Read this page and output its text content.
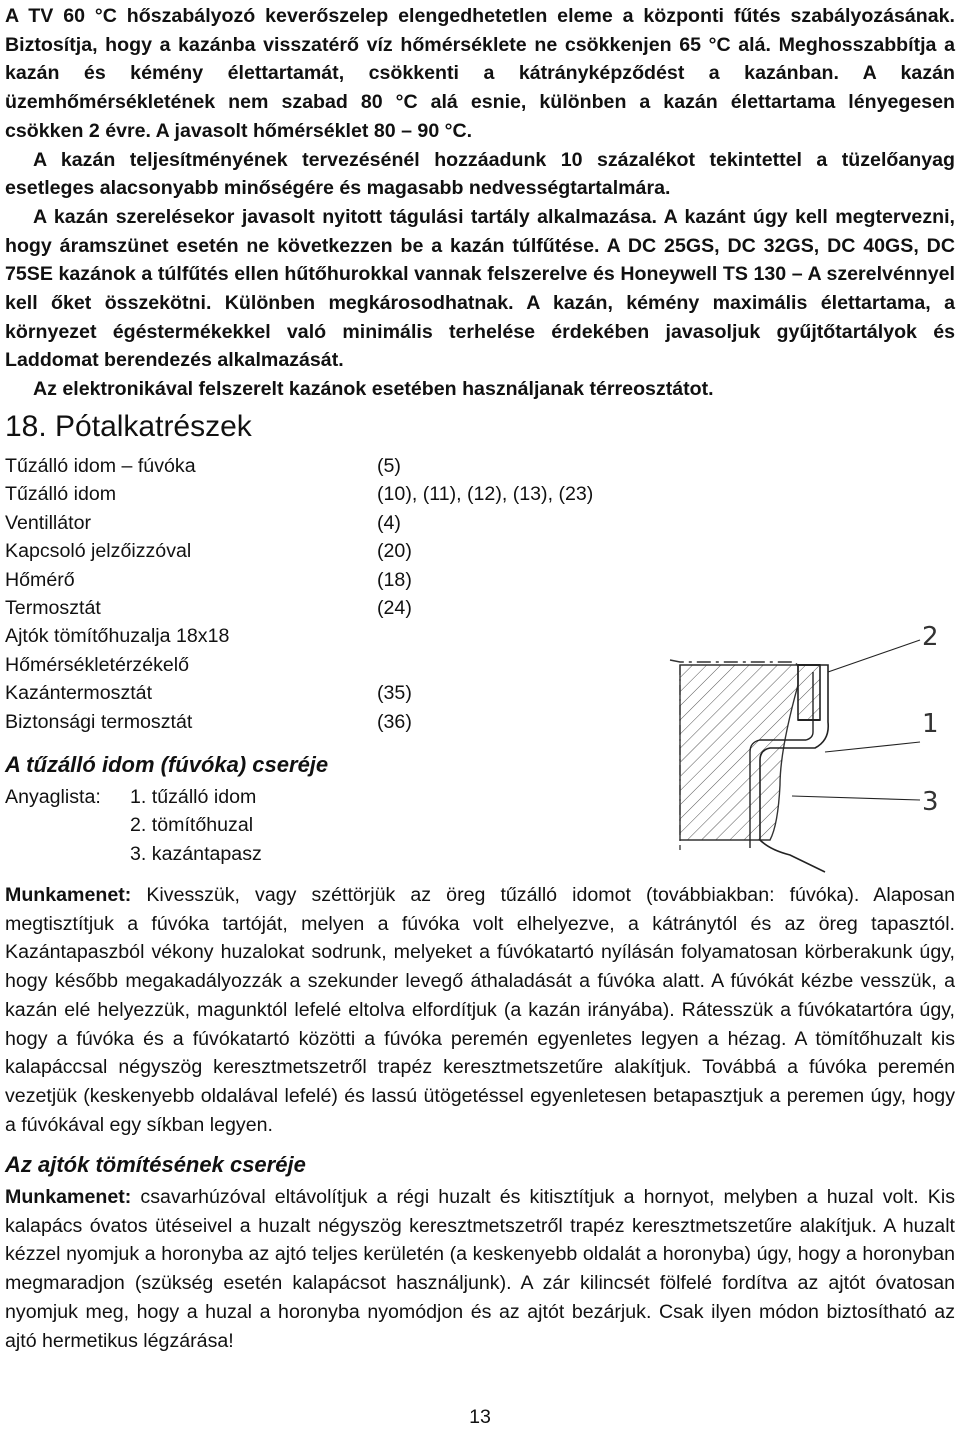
A TV 60 °C hőszabályozó keverőszelep elengedhetetlen eleme a központi fűtés szabályozásának. Biztosítja, hogy a kazánba visszatérő víz hőmérséklete ne csökkenjen 65 °C alá. Meghosszabbítja a kazán és kémény élettartamát, csökkenti a kátrányképződést a kazánban. A kazán üzemhőmérsékletének nem szabad 80 °C alá esnie, különben a kazán élettartama lényegesen csökken 2 évre. A javasolt hőmérséklet 80 – 90 °C.

A kazán teljesítményének tervezésénél hozzáadunk 10 százalékot tekintettel a tüzelőanyag esetleges alacsonyabb minőségére és magasabb nedvességtartalmára.

A kazán szerelésekor javasolt nyitott tágulási tartály alkalmazása. A kazánt úgy kell megtervezni, hogy áramszünet esetén ne következzen be a kazán túlfűtése. A DC 25GS, DC 32GS, DC 40GS, DC 75SE kazánok a túlfűtés ellen hűtőhurokkal vannak felszerelve és Honeywell TS 130 – A szerelvénnyel kell őket összekötni. Különben megkárosodhatnak. A kazán, kémény maximális élettartama, a környezet égéstermékekkel való minimális terhelése érdekében javasoljuk gyűjtőtartályok és Laddomat berendezés alkalmazását.

Az elektronikával felszerelt kazánok esetében használjanak térreosztátot.

18. Pótalkatrészek
Tűzálló idom – fúvóka	(5)
Tűzálló idom	(10), (11), (12), (13), (23)
Ventillátor	(4)
Kapcsoló jelzőizzóval	(20)
Hőmérő	(18)
Termosztát	(24)
Ajtók tömítőhuzalja 18x18	
Hőmérsékletérzékelő	
Kazántermosztát	(35)
Biztonsági termosztát	(36)
A tűzálló idom (fúvóka) cseréje
Anyaglista:	1. tűzálló idom
2. tömítőhuzal
3. kazántapasz
2
1
3

Munkamenet: Kivesszük, vagy széttörjük az öreg tűzálló idomot (továbbiakban: fúvóka). Alaposan megtisztítjuk a fúvóka tartóját, melyen a fúvóka volt elhelyezve, a kátránytól és az öreg tapasztól. Kazántapaszból vékony huzalokat sodrunk, melyeket a fúvókatartó nyílásán folyamatosan körberakunk úgy, hogy később megakadályozzák a szekunder levegő áthaladását a fúvóka alatt. A fúvókát kézbe vesszük, a kazán elé helyezzük, magunktól lefelé eltolva elfordítjuk (a kazán irányába). Rátesszük a fúvókatartóra úgy, hogy a fúvóka és a fúvókatartó közötti a fúvóka peremén egyenletes legyen a hézag. A tömítőhuzalt kis kalapáccsal négyszög keresztmetszetről trapéz keresztmetszetűre alakítjuk. Továbbá a fúvóka peremén vezetjük (keskenyebb oldalával lefelé) és lassú ütögetéssel egyenletesen betapasztjuk a peremen úgy, hogy a fúvókával egy síkban legyen.

Az ajtók tömítésének cseréje

Munkamenet: csavarhúzóval eltávolítjuk a régi huzalt és kitisztítjuk a hornyot, melyben a huzal volt. Kis kalapács óvatos ütéseivel a huzalt négyszög keresztmetszetről trapéz keresztmetszetűre alakítjuk. A huzalt kézzel nyomjuk a horonyba az ajtó teljes kerületén (a keskenyebb oldalát a horonyba) úgy, hogy a horonyban megmaradjon (szükség esetén kalapácsot használjunk). A zár kilincsét fölfelé fordítva az ajtót óvatosan nyomjuk meg, hogy a huzal a horonyba nyomódjon és az ajtót bezárjuk. Csak ilyen módon biztosítható az ajtó hermetikus légzárása!

13
